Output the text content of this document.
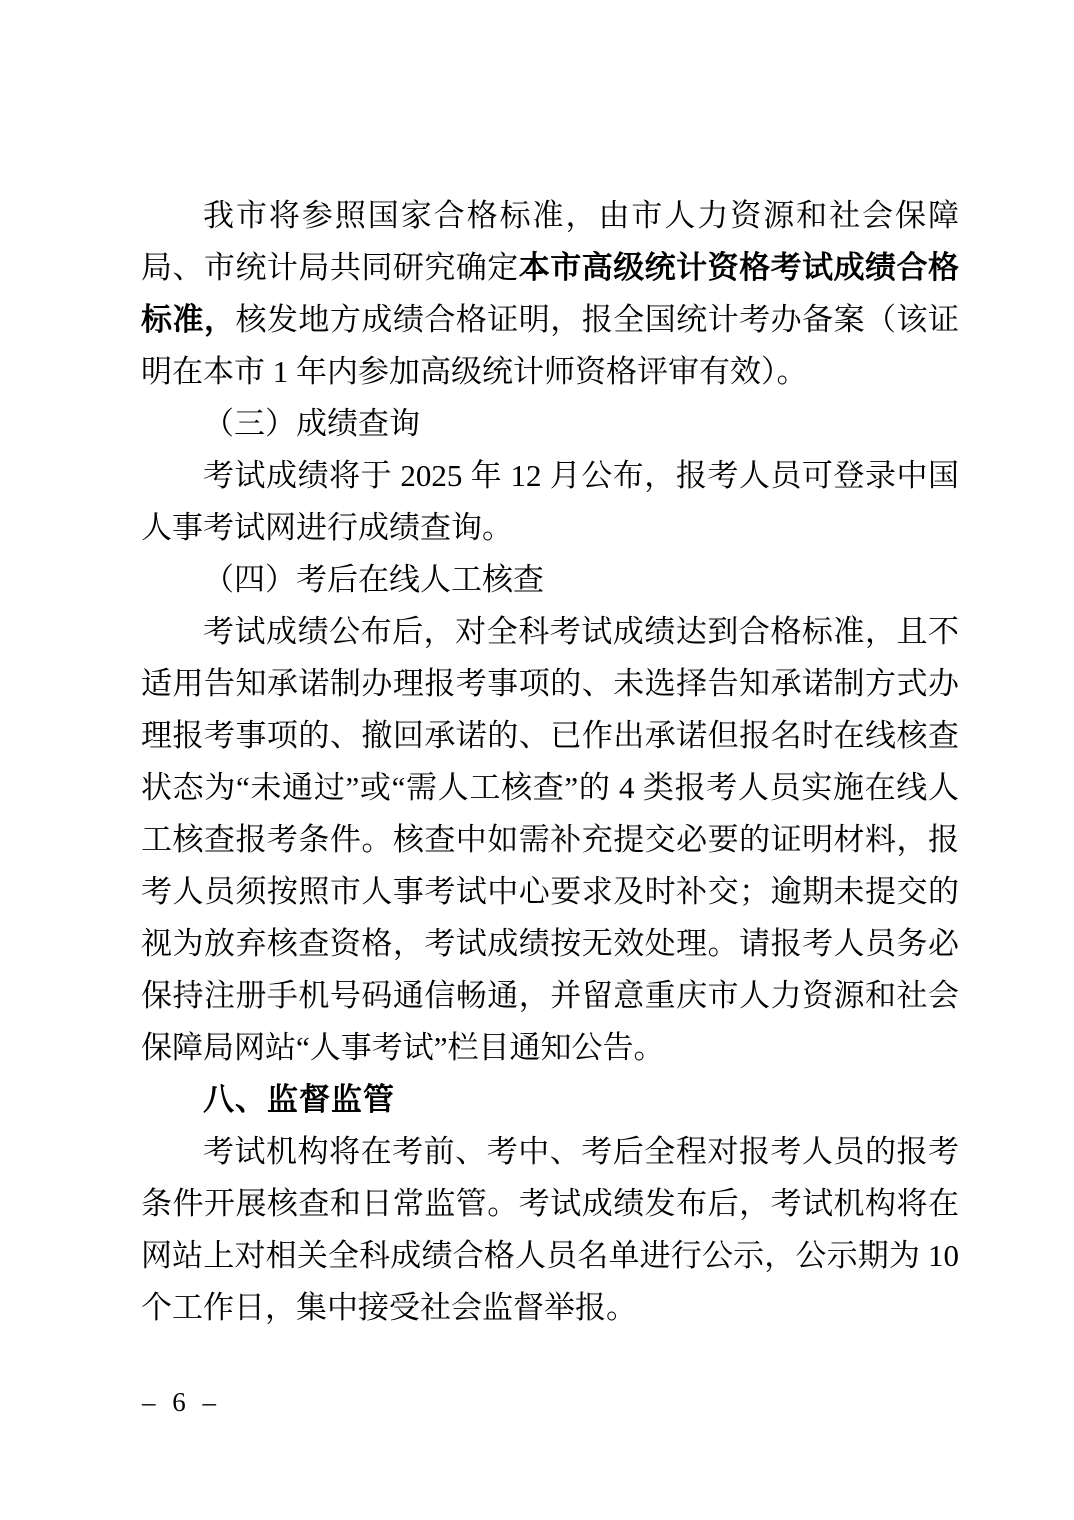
我市将参照国家合格标准，由市人力资源和社会保障局、市统计局共同研究确定本市高级统计资格考试成绩合格标准，核发地方成绩合格证明，报全国统计考办备案（该证明在本市 1 年内参加高级统计师资格评审有效）。

（三）成绩查询

考试成绩将于 2025 年 12 月公布，报考人员可登录中国人事考试网进行成绩查询。

（四）考后在线人工核查

考试成绩公布后，对全科考试成绩达到合格标准，且不适用告知承诺制办理报考事项的、未选择告知承诺制方式办理报考事项的、撤回承诺的、已作出承诺但报名时在线核查状态为“未通过”或“需人工核查”的 4 类报考人员实施在线人工核查报考条件。核查中如需补充提交必要的证明材料，报考人员须按照市人事考试中心要求及时补交；逾期未提交的视为放弃核查资格，考试成绩按无效处理。请报考人员务必保持注册手机号码通信畅通，并留意重庆市人力资源和社会保障局网站“人事考试”栏目通知公告。

八、监督监管

考试机构将在考前、考中、考后全程对报考人员的报考条件开展核查和日常监管。考试成绩发布后，考试机构将在网站上对相关全科成绩合格人员名单进行公示，公示期为 10 个工作日，集中接受社会监督举报。

– 6 –
